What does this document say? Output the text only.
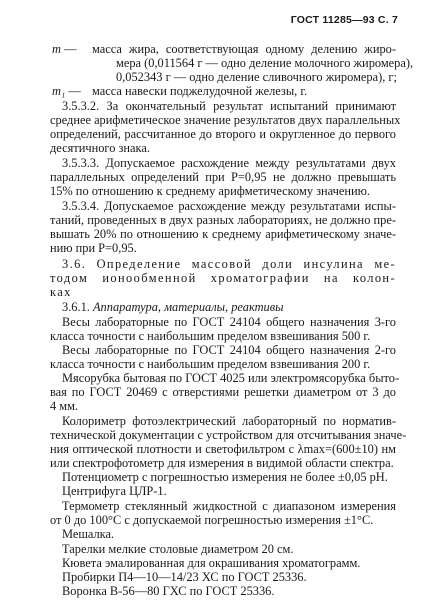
ГОСТ 11285—93 С. 7
m — масса жира, соответствующая одному делению жиро-
мера (0,011564 г — одно деление молочного жиромера),
0,052343 г — одно деление сливочного жиромера), г;
m₁ — масса навески поджелудочной железы, г.
3.5.3.2. За окончательный результат испытаний принимают
среднее арифметическое значение результатов двух параллельных
определений, рассчитанное до второго и округленное до первого
десятичного знака.
3.5.3.3. Допускаемое расхождение между результатами двух
параллельных определений при P=0,95 не должно превышать
15% по отношению к среднему арифметическому значению.
3.5.3.4. Допускаемое расхождение между результатами испы-
таний, проведенных в двух разных лабораториях, не должно пре-
вышать 20% по отношению к среднему арифметическому значе-
нию при P=0,95.
3.6. Определение массовой доли инсулина ме-
тодом ионообменной хроматографии на колон-
ках
3.6.1. Аппаратура, материалы, реактивы
Весы лабораторные по ГОСТ 24104 общего назначения 3-го
класса точности с наибольшим пределом взвешивания 500 г.
Весы лабораторные по ГОСТ 24104 общего назначения 2-го
класса точности с наибольшим пределом взвешивания 200 г.
Мясорубка бытовая по ГОСТ 4025 или электромясорубка быто-
вая по ГОСТ 20469 с отверстиями решетки диаметром от 3 до
4 мм.
Колориметр фотоэлектрический лабораторный по норматив-
технической документации с устройством для отсчитывания значе-
ния оптической плотности и светофильтром с λmax=(600±10) нм
или спектрофотометр для измерения в видимой области спектра.
Потенциометр с погрешностью измерения не более ±0,05 pH.
Центрифуга ЦЛР-1.
Термометр стеклянный жидкостной с диапазоном измерения
от 0 до 100°С с допускаемой погрешностью измерения ±1°С.
Мешалка.
Тарелки мелкие столовые диаметром 20 см.
Кювета эмалированная для окрашивания хроматограмм.
Пробирки П4—10—14/23 ХС по ГОСТ 25336.
Воронка В-56—80 ГХС по ГОСТ 25336.
